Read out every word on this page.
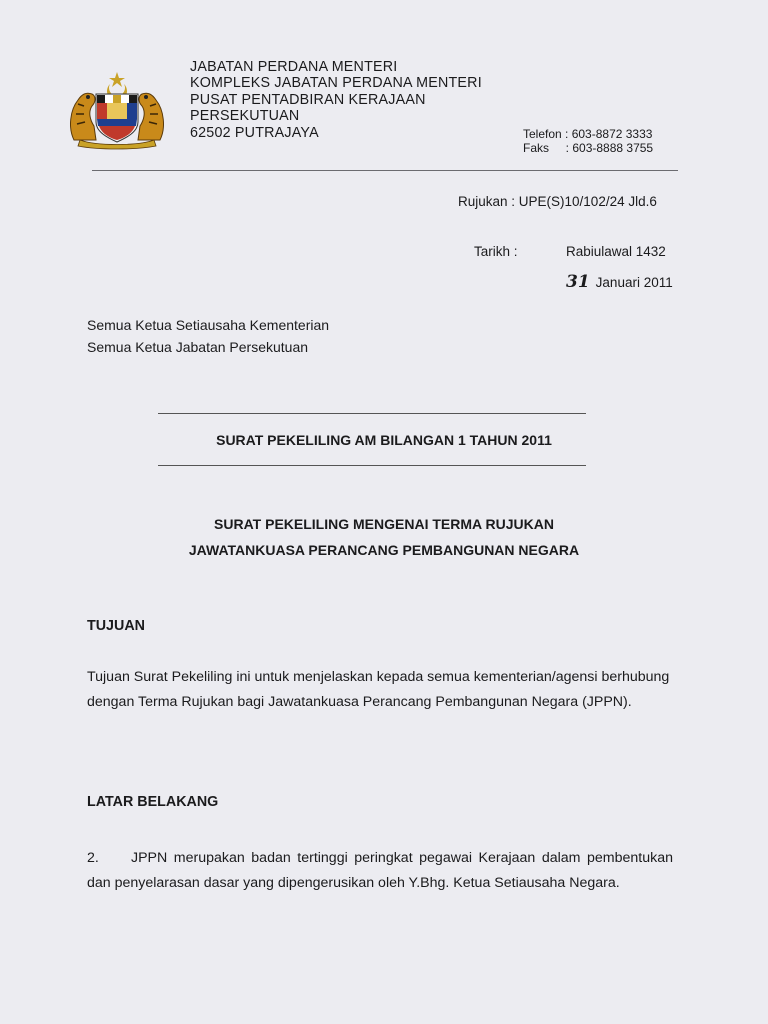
JABATAN PERDANA MENTERI
KOMPLEKS JABATAN PERDANA MENTERI
PUSAT PENTADBIRAN KERAJAAN
PERSEKUTUAN
62502 PUTRAJAYA	Telefon : 603-8872 3333
Faks     : 603-8888 3755
Rujukan : UPE(S)10/102/24 Jld.6
Tarikh :	Rabiulawal 1432
31 Januari 2011
Semua Ketua Setiausaha Kementerian
Semua Ketua Jabatan Persekutuan
SURAT PEKELILING AM BILANGAN 1 TAHUN 2011
SURAT PEKELILING MENGENAI TERMA RUJUKAN
JAWATANKUASA PERANCANG PEMBANGUNAN NEGARA
TUJUAN
Tujuan Surat Pekeliling ini untuk menjelaskan kepada semua kementerian/agensi berhubung dengan Terma Rujukan bagi Jawatankuasa Perancang Pembangunan Negara (JPPN).
LATAR BELAKANG
2. JPPN merupakan badan tertinggi peringkat pegawai Kerajaan dalam pembentukan dan penyelarasan dasar yang dipengerusikan oleh Y.Bhg. Ketua Setiausaha Negara.
